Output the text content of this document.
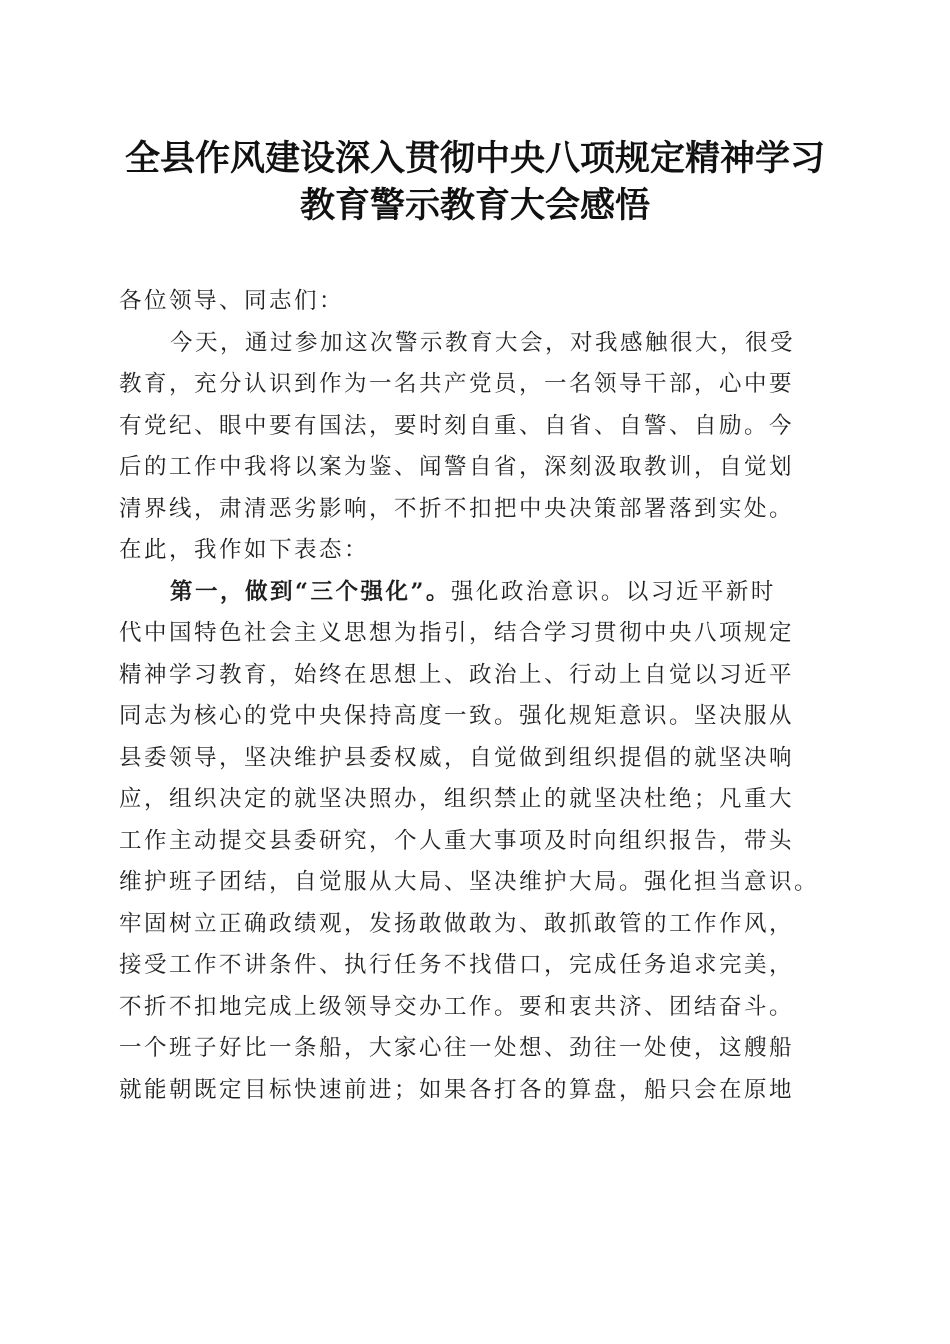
全县作风建设深入贯彻中央八项规定精神学习
教育警示教育大会感悟
各位领导、同志们：
今天，通过参加这次警示教育大会，对我感触很大，很受
教育，充分认识到作为一名共产党员，一名领导干部，心中要
有党纪、眼中要有国法，要时刻自重、自省、自警、自励。今
后的工作中我将以案为鉴、闻警自省，深刻汲取教训，自觉划
清界线，肃清恶劣影响，不折不扣把中央决策部署落到实处。
在此，我作如下表态：
第一，做到“三个强化”。强化政治意识。以习近平新时
代中国特色社会主义思想为指引，结合学习贯彻中央八项规定
精神学习教育，始终在思想上、政治上、行动上自觉以习近平
同志为核心的党中央保持高度一致。强化规矩意识。坚决服从
县委领导，坚决维护县委权威，自觉做到组织提倡的就坚决响
应，组织决定的就坚决照办，组织禁止的就坚决杜绝；凡重大
工作主动提交县委研究，个人重大事项及时向组织报告，带头
维护班子团结，自觉服从大局、坚决维护大局。强化担当意识。
牢固树立正确政绩观，发扬敢做敢为、敢抓敢管的工作作风，
接受工作不讲条件、执行任务不找借口，完成任务追求完美，
不折不扣地完成上级领导交办工作。要和衷共济、团结奋斗。
一个班子好比一条船，大家心往一处想、劲往一处使，这艘船
就能朝既定目标快速前进；如果各打各的算盘，船只会在原地
